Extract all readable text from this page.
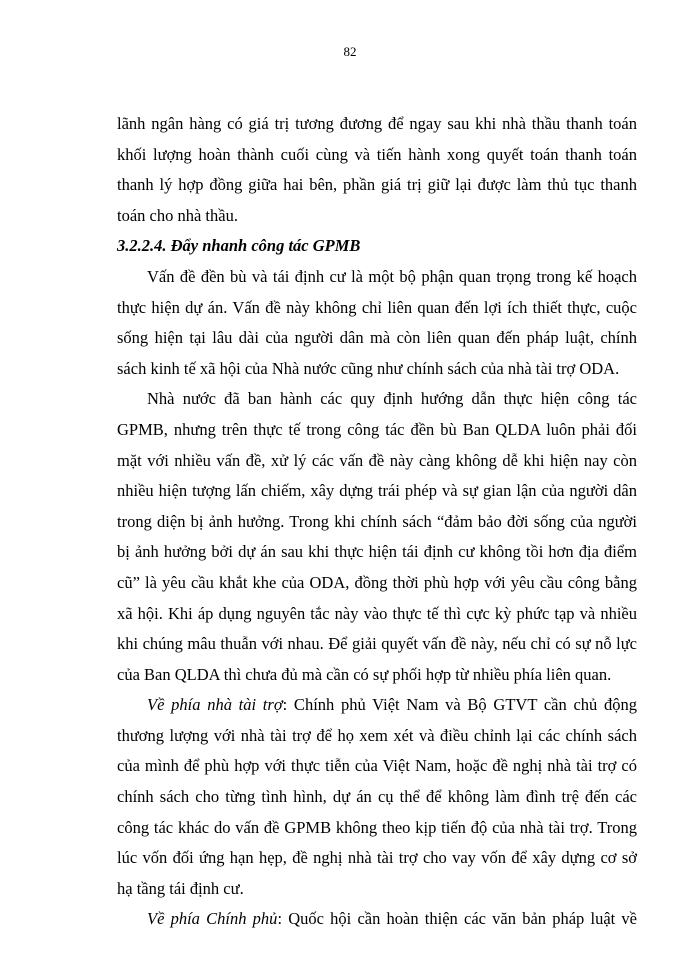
82
lãnh ngân hàng có giá trị tương đương để ngay sau khi nhà thầu thanh toán
khối lượng hoàn thành cuối cùng và tiến hành xong quyết toán thanh toán
thanh lý hợp đồng giữa hai bên, phần giá trị giữ lại được làm thủ tục thanh
toán cho nhà thầu.
3.2.2.4. Đẩy nhanh công tác GPMB
Vấn đề đền bù và tái định cư là một bộ phận quan trọng trong kế hoạch
thực hiện dự án. Vấn đề này không chỉ liên quan đến lợi ích thiết thực, cuộc
sống hiện tại lâu dài của người dân mà còn liên quan đến pháp luật, chính
sách kinh tế xã hội của Nhà nước cũng như chính sách của nhà tài trợ ODA.
Nhà nước đã ban hành các quy định hướng dẫn thực hiện công tác
GPMB, nhưng trên thực tế trong công tác đền bù Ban QLDA luôn phải đối
mặt với nhiều vấn đề, xử lý các vấn đề này càng không dễ khi hiện nay còn
nhiều hiện tượng lấn chiếm, xây dựng trái phép và sự gian lận của người dân
trong diện bị ảnh hưởng. Trong khi chính sách “đảm bảo đời sống của người
bị ảnh hưởng bởi dự án sau khi thực hiện tái định cư không tồi hơn địa điểm
cũ” là yêu cầu khắt khe của ODA, đồng thời phù hợp với yêu cầu công bằng
xã hội. Khi áp dụng nguyên tắc này vào thực tế thì cực kỳ phức tạp và nhiều
khi chúng mâu thuẫn với nhau. Để giải quyết vấn đề này, nếu chỉ có sự nỗ lực
của Ban QLDA thì chưa đủ mà cần có sự phối hợp từ nhiều phía liên quan.
Về phía nhà tài trợ: Chính phủ Việt Nam và Bộ GTVT cần chủ động
thương lượng với nhà tài trợ để họ xem xét và điều chỉnh lại các chính sách
của mình để phù hợp với thực tiễn của Việt Nam, hoặc đề nghị nhà tài trợ có
chính sách cho từng tình hình, dự án cụ thể để không làm đình trệ đến các
công tác khác do vấn đề GPMB không theo kịp tiến độ của nhà tài trợ. Trong
lúc vốn đối ứng hạn hẹp, đề nghị nhà tài trợ cho vay vốn để xây dựng cơ sở
hạ tầng tái định cư.
Về phía Chính phủ: Quốc hội cần hoàn thiện các văn bản pháp luật về
